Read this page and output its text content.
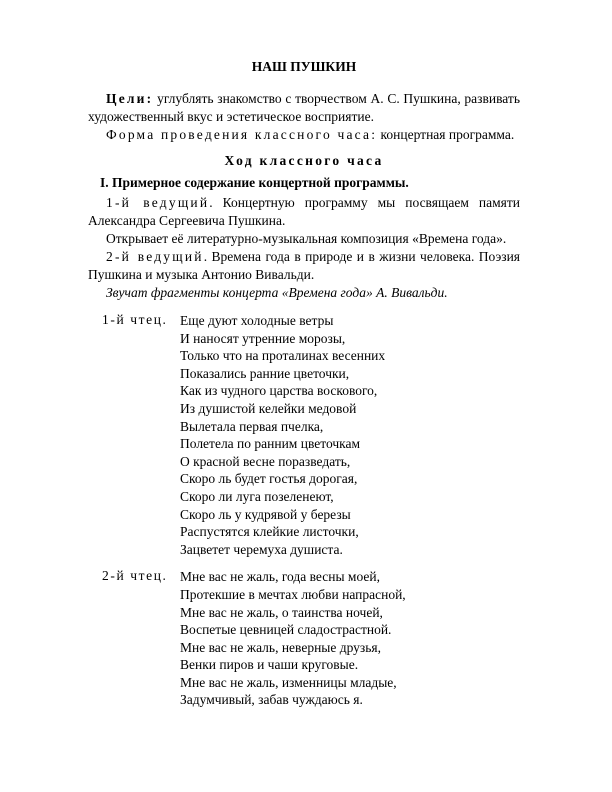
НАШ ПУШКИН

Цели: углублять знакомство с творчеством А. С. Пушкина, развивать художественный вкус и эстетическое восприятие.

Форма проведения классного часа: концертная программа.

Ход классного часа

I. Примерное содержание концертной программы.

1-й ведущий. Концертную программу мы посвящаем памяти Александра Сергеевича Пушкина.

Открывает её литературно-музыкальная композиция «Времена года».

2-й ведущий. Времена года в природе и в жизни человека. Поэзия Пушкина и музыка Антонио Вивальди.

Звучат фрагменты концерта «Времена года» А. Вивальди.

1-й чтец. Еще дуют холодные ветры
И наносят утренние морозы,
Только что на проталинах весенних
Показались ранние цветочки,
Как из чудного царства воскового,
Из душистой келейки медовой
Вылетала первая пчелка,
Полетела по ранним цветочкам
О красной весне поразведать,
Скоро ль будет гостья дорогая,
Скоро ли луга позеленеют,
Скоро ль у кудрявой у березы
Распустятся клейкие листочки,
Зацветет черемуха душиста.
2-й чтец. Мне вас не жаль, года весны моей,
Протекшие в мечтах любви напрасной,
Мне вас не жаль, о таинства ночей,
Воспетые цевницей сладострастной.
Мне вас не жаль, неверные друзья,
Венки пиров и чаши круговые.
Мне вас не жаль, изменницы младые,
Задумчивый, забав чуждаюсь я.
